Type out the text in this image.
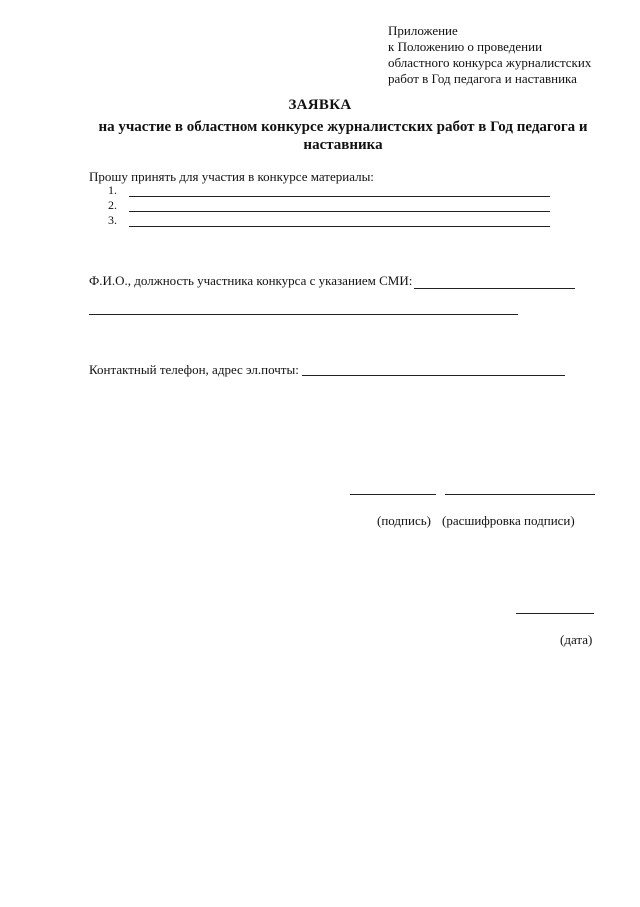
Приложение
к Положению о проведении
областного конкурса журналистских
работ в Год педагога и наставника
ЗАЯВКА
на участие в областном конкурсе журналистских работ в Год педагога и наставника
Прошу принять для участия в конкурсе материалы:
1.
2.
3.
Ф.И.О., должность участника конкурса с указанием СМИ:
Контактный телефон, адрес эл.почты:
(подпись) (расшифровка подписи)
(дата)
